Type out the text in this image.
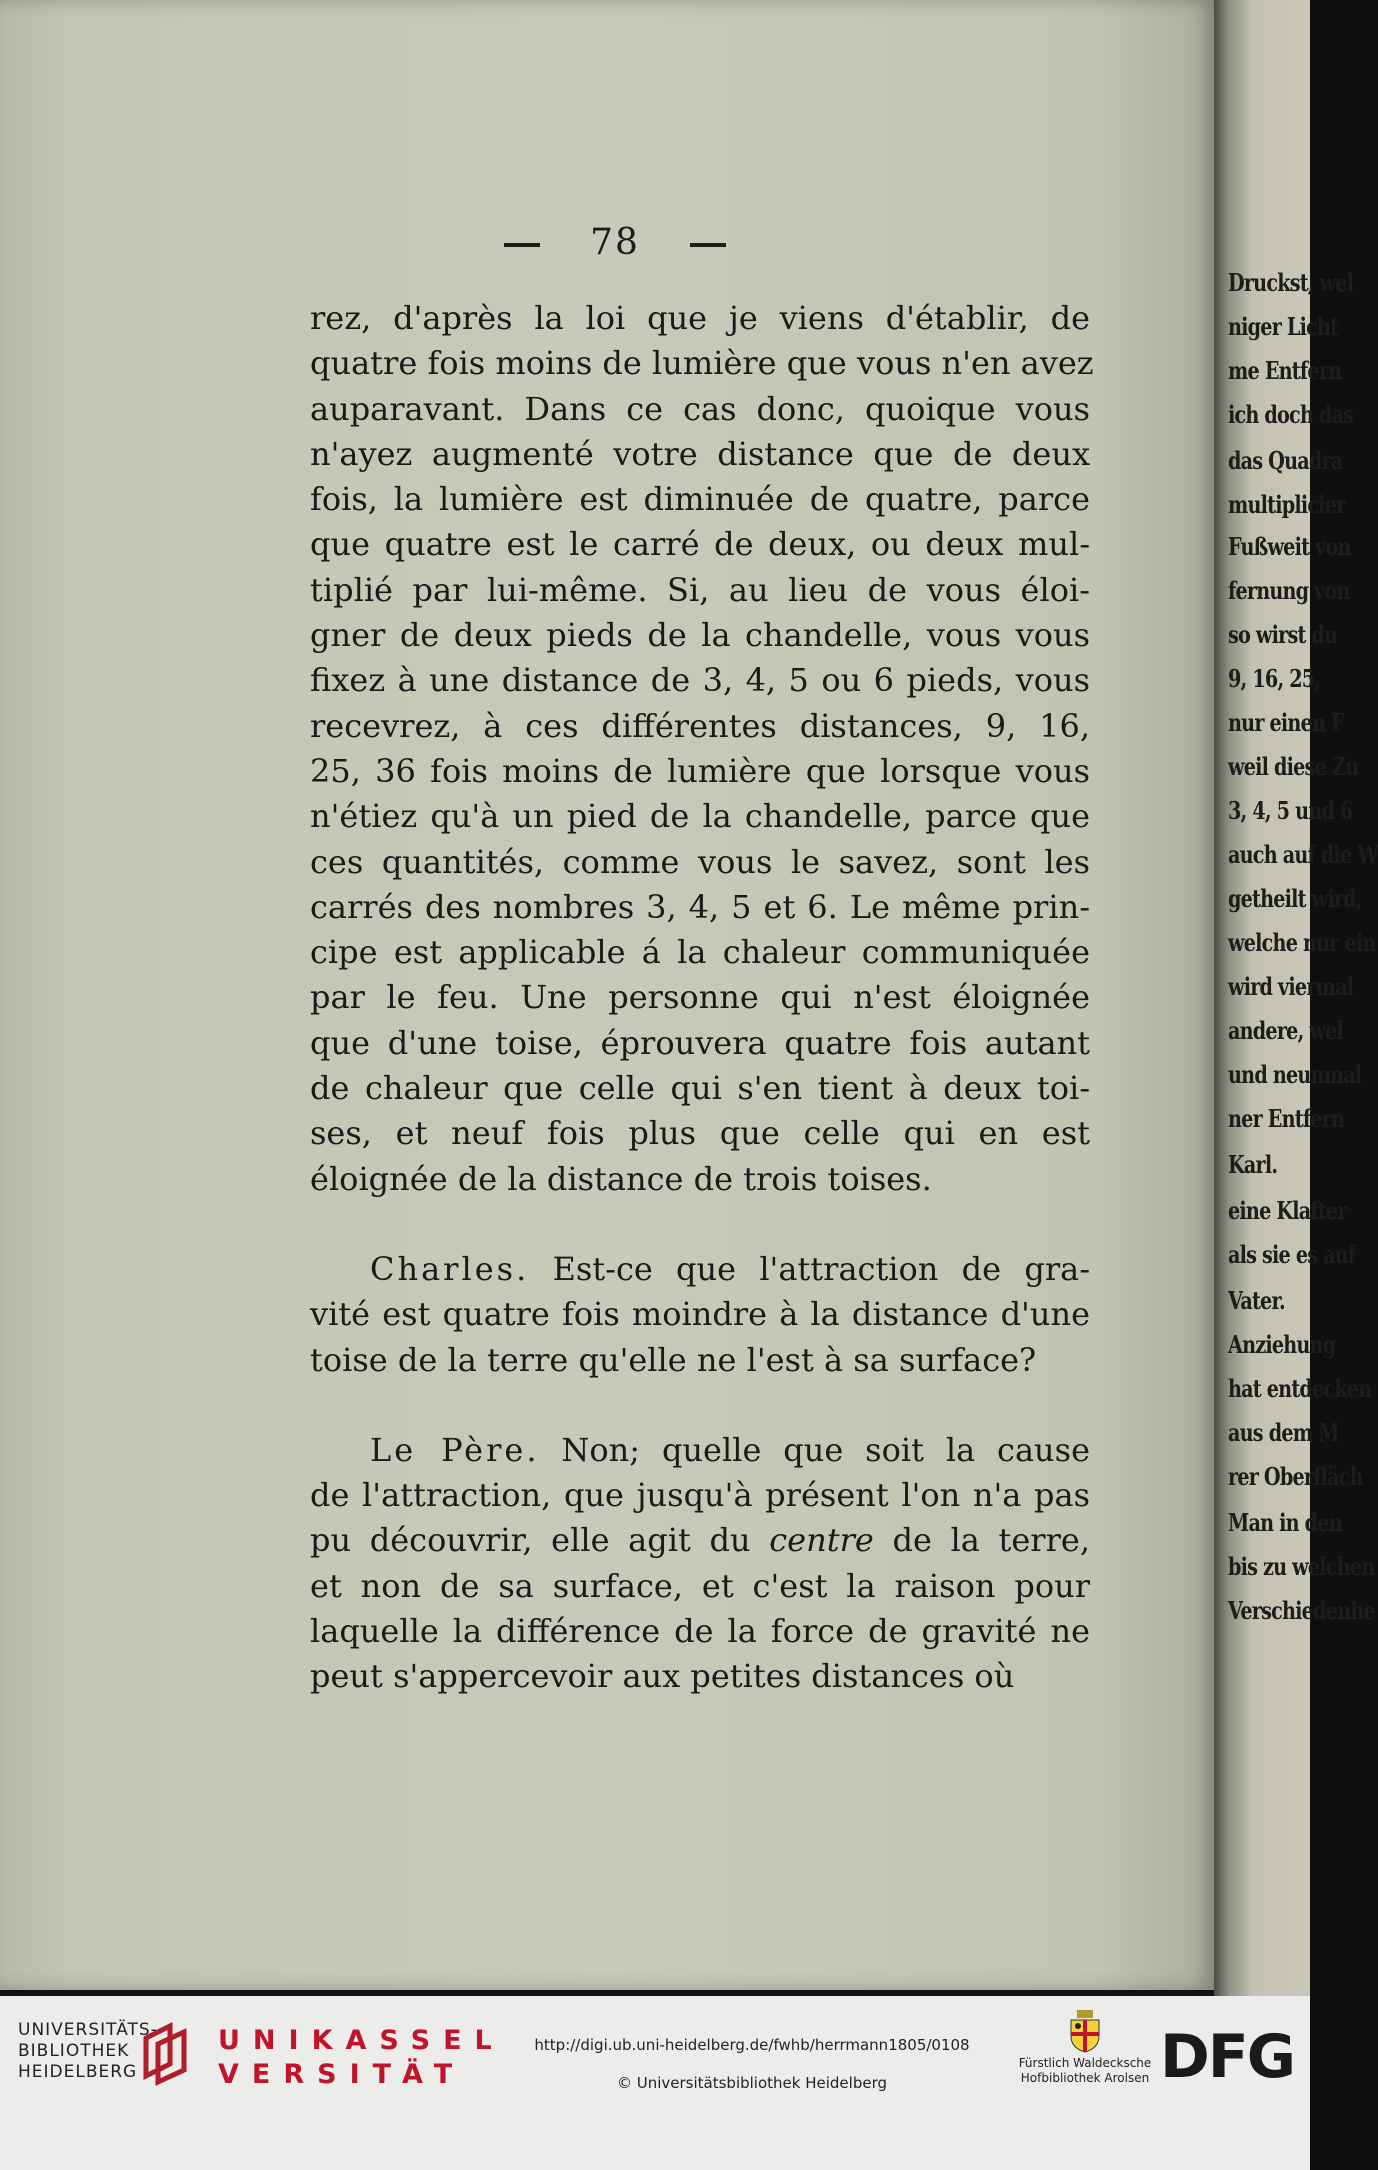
Druckst, wel
niger Licht
me Entfern
ich doch das
das Quadra
multiplicier
Fußweit von
fernung von
so wirst du
9, 16, 25,
nur einen F
weil diese Zu
3, 4, 5 und 6
auch auf die W
getheilt wird,
welche nur ein
wird viermal
andere, wel
und neunmal
ner Entfern
Karl.
eine Klafter
als sie es auf
Vater.
Anziehung
hat entdecken
aus dem M
rer Oberfläch
Man in den
bis zu welchen
Verschiedenhe
78
rez, d'après la loi que je viens d'établir, de
quatre fois moins de lumière que vous n'en avez
auparavant. Dans ce cas donc, quoique vous
n'ayez augmenté votre distance que de deux
fois, la lumière est diminuée de quatre, parce
que quatre est le carré de deux, ou deux mul-
tiplié par lui-même. Si, au lieu de vous éloi-
gner de deux pieds de la chandelle, vous vous
fixez à une distance de 3, 4, 5 ou 6 pieds, vous
recevrez, à ces différentes distances, 9, 16,
25, 36 fois moins de lumière que lorsque vous
n'étiez qu'à un pied de la chandelle, parce que
ces quantités, comme vous le savez, sont les
carrés des nombres 3, 4, 5 et 6. Le même prin-
cipe est applicable á la chaleur communiquée
par le feu. Une personne qui n'est éloignée
que d'une toise, éprouvera quatre fois autant
de chaleur que celle qui s'en tient à deux toi-
ses, et neuf fois plus que celle qui en est
éloignée de la distance de trois toises.
Charles. Est-ce que l'attraction de gra-
vité est quatre fois moindre à la distance d'une
toise de la terre qu'elle ne l'est à sa surface?
Le Père. Non; quelle que soit la cause
de l'attraction, que jusqu'à présent l'on n'a pas
pu découvrir, elle agit du centre de la terre,
et non de sa surface, et c'est la raison pour
laquelle la différence de la force de gravité ne
peut s'appercevoir aux petites distances où
UNIVERSITÄTS-
BIBLIOTHEK
HEIDELBERG
UNIKASSEL
VERSITÄT
http://digi.ub.uni-heidelberg.de/fwhb/herrmann1805/0108
© Universitätsbibliothek Heidelberg
Fürstlich Waldecksche
Hofbibliothek Arolsen DFG
